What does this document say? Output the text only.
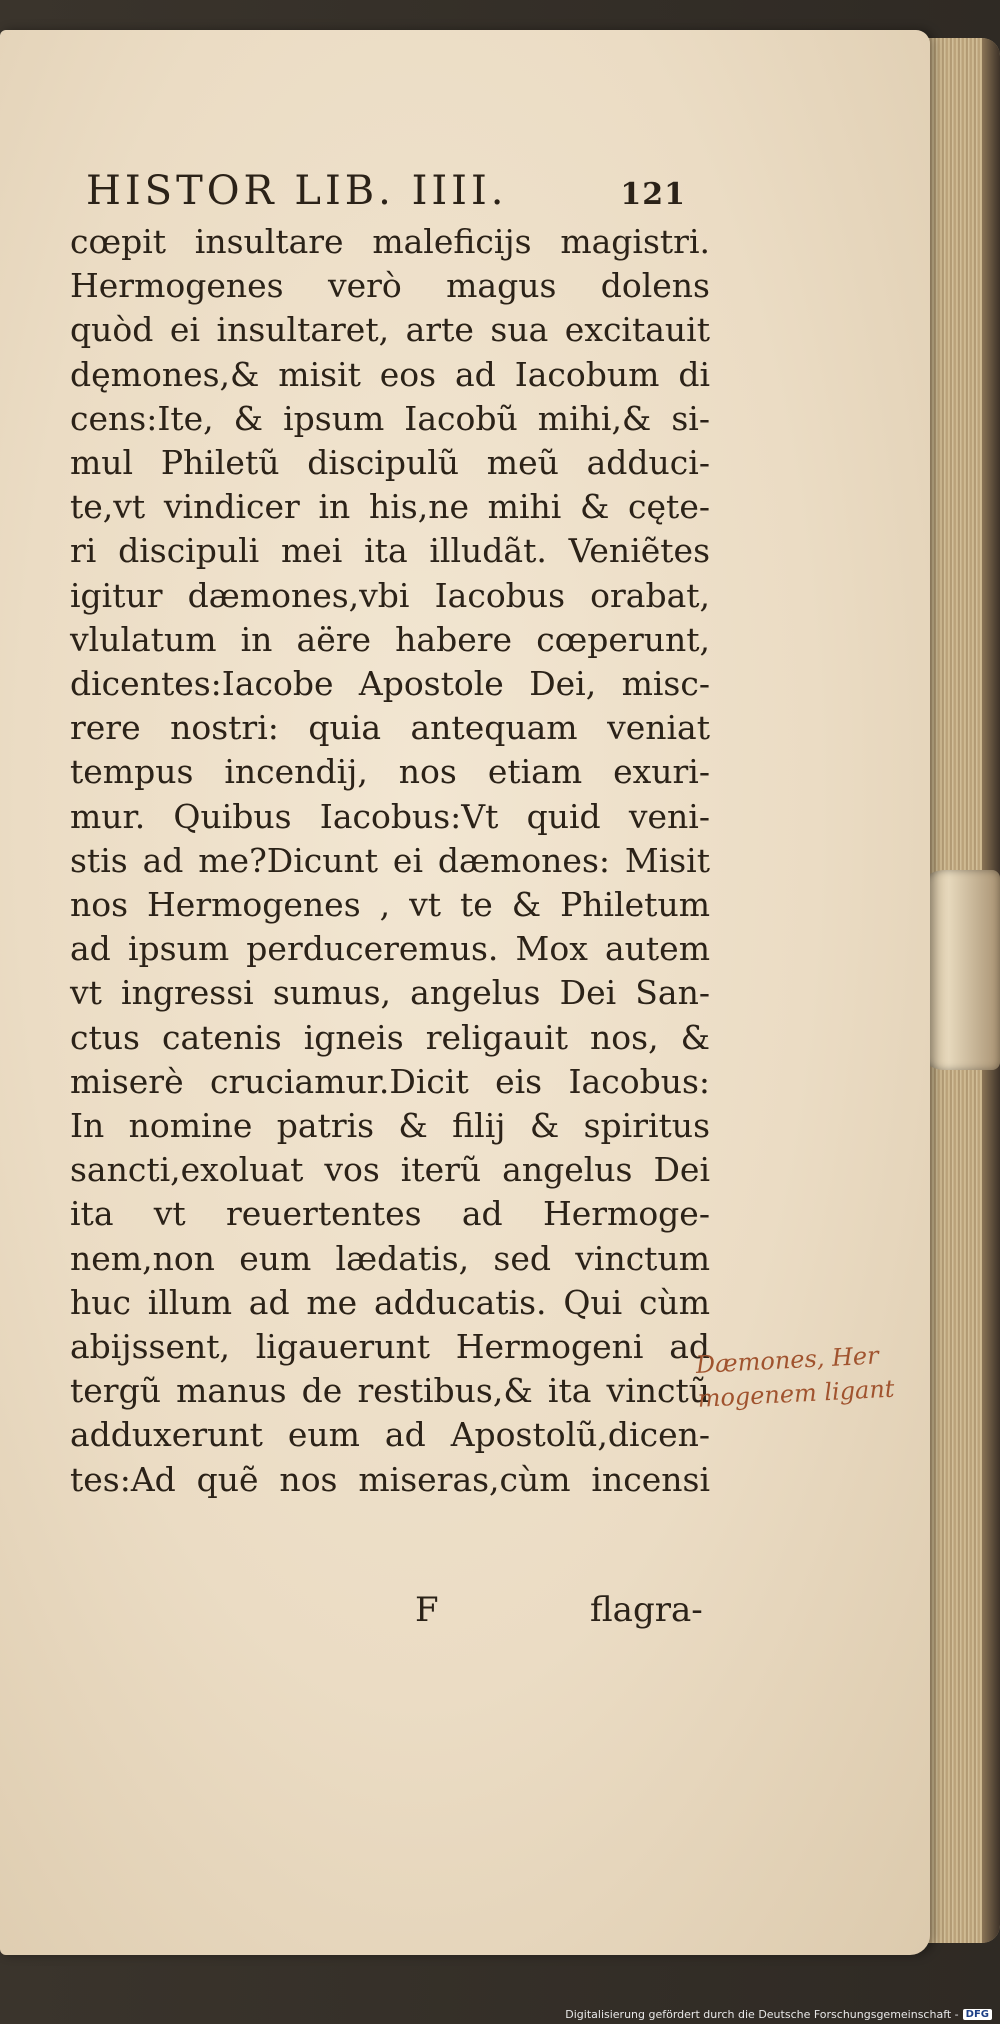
HISTOR LIB. IIII.	121
cœpit insultare maleficijs magistri.
Hermogenes verò magus dolens
quòd ei insultaret, arte sua excitauit
dęmones,& misit eos ad Iacobum di
cens:Ite, & ipsum Iacobũ mihi,& si-
mul Philetũ discipulũ meũ adduci-
te,vt vindicer in his,ne mihi & cęte-
ri discipuli mei ita illudãt. Veniẽtes
igitur dæmones,vbi Iacobus orabat,
vlulatum in aëre habere cœperunt,
dicentes:Iacobe Apostole Dei, misc-
rere nostri: quia antequam veniat
tempus incendij, nos etiam exuri-
mur. Quibus Iacobus:Vt quid veni-
stis ad me?Dicunt ei dæmones: Misit
nos Hermogenes , vt te & Philetum
ad ipsum perduceremus. Mox autem
vt ingressi sumus, angelus Dei San-
ctus catenis igneis religauit nos, &
miserè cruciamur.Dicit eis Iacobus:
In nomine patris & filij & spiritus
sancti,exoluat vos iterũ angelus Dei
ita vt reuertentes ad Hermoge-
nem,non eum lædatis, sed vinctum
huc illum ad me adducatis. Qui cùm
abijssent, ligauerunt Hermogeni ad
tergũ manus de restibus,& ita vinctũ
adduxerunt eum ad Apostolũ,dicen-
tes:Ad quẽ nos miseras,cùm incensi
F	flagra-
Dæmones, Her
mogenem ligant
Digitalisierung gefördert durch die Deutsche Forschungsgemeinschaft - DFG
